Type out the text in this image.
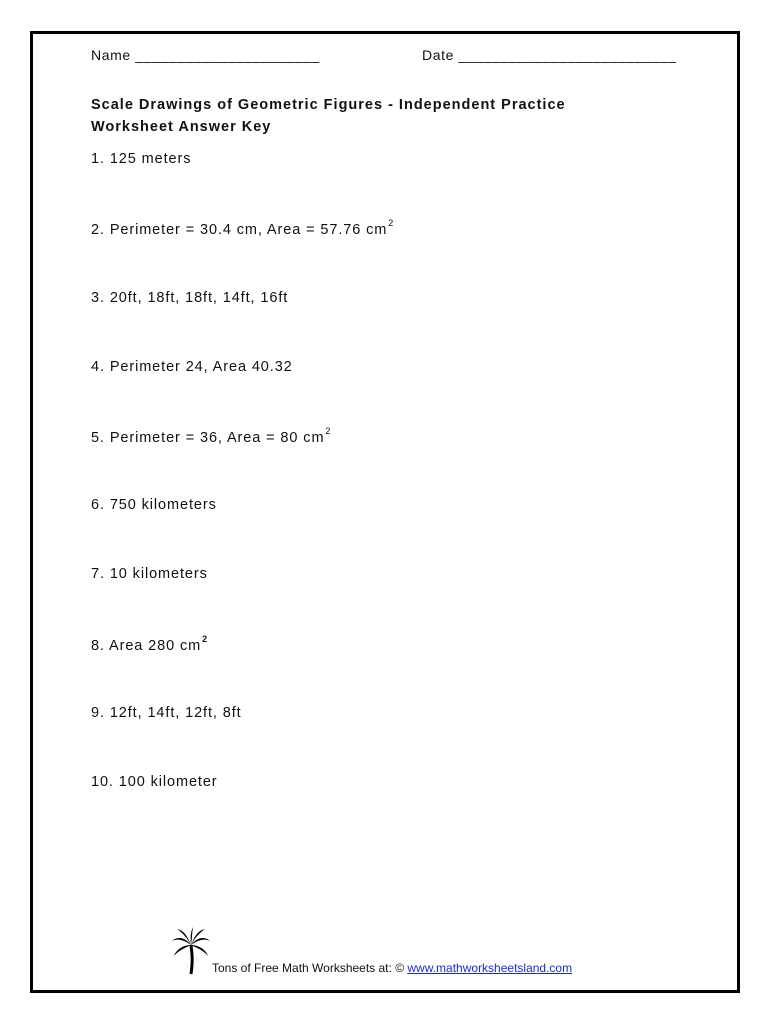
Name ______________________	Date __________________________
Scale Drawings of Geometric Figures - Independent Practice
Worksheet Answer Key
1. 125 meters
2. Perimeter = 30.4 cm, Area = 57.76 $cm^2$
3. 20ft, 18ft, 18ft, 14ft, 16ft
4. Perimeter 24, Area 40.32
5. Perimeter = 36, Area = 80 $cm^2$
6. 750 kilometers
7. 10 kilometers
8. Area 280 $cm^2$
9. 12ft, 14ft, 12ft, 8ft
10. 100 kilometer
Tons of Free Math Worksheets at: © www.mathworksheetsland.com
